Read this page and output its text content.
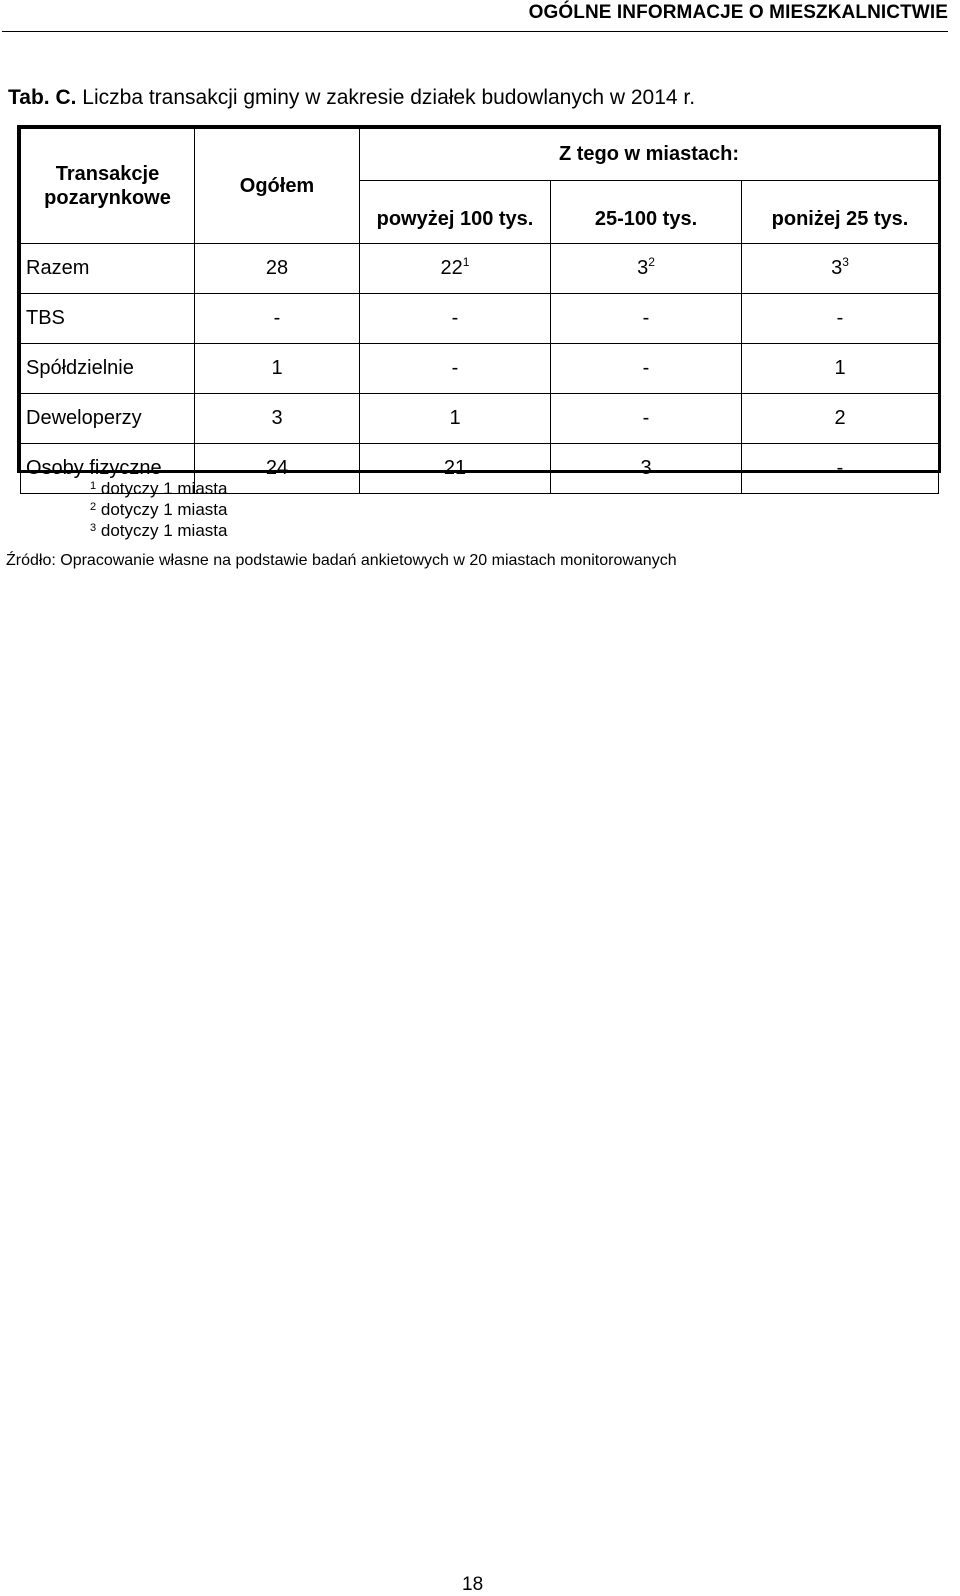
OGÓLNE INFORMACJE O MIESZKALNICTWIE
Tab. C. Liczba transakcji gminy w zakresie działek budowlanych w 2014 r.
Transakcje pozarynkowe	Ogółem	Z tego w miastach:		
		powyżej 100 tys.	25-100 tys.	poniżej 25 tys.
Razem	28	$22^1$	$3^2$	$3^3$
TBS	-	-	-	-
Spółdzielnie	1	-	-	1
Deweloperzy	3	1	-	2
Osoby fizyczne	24	21	3	-
$^1$ dotyczy 1 miasta
$^2$ dotyczy 1 miasta
$^3$ dotyczy 1 miasta
Źródło: Opracowanie własne na podstawie badań ankietowych w 20 miastach monitorowanych
18
